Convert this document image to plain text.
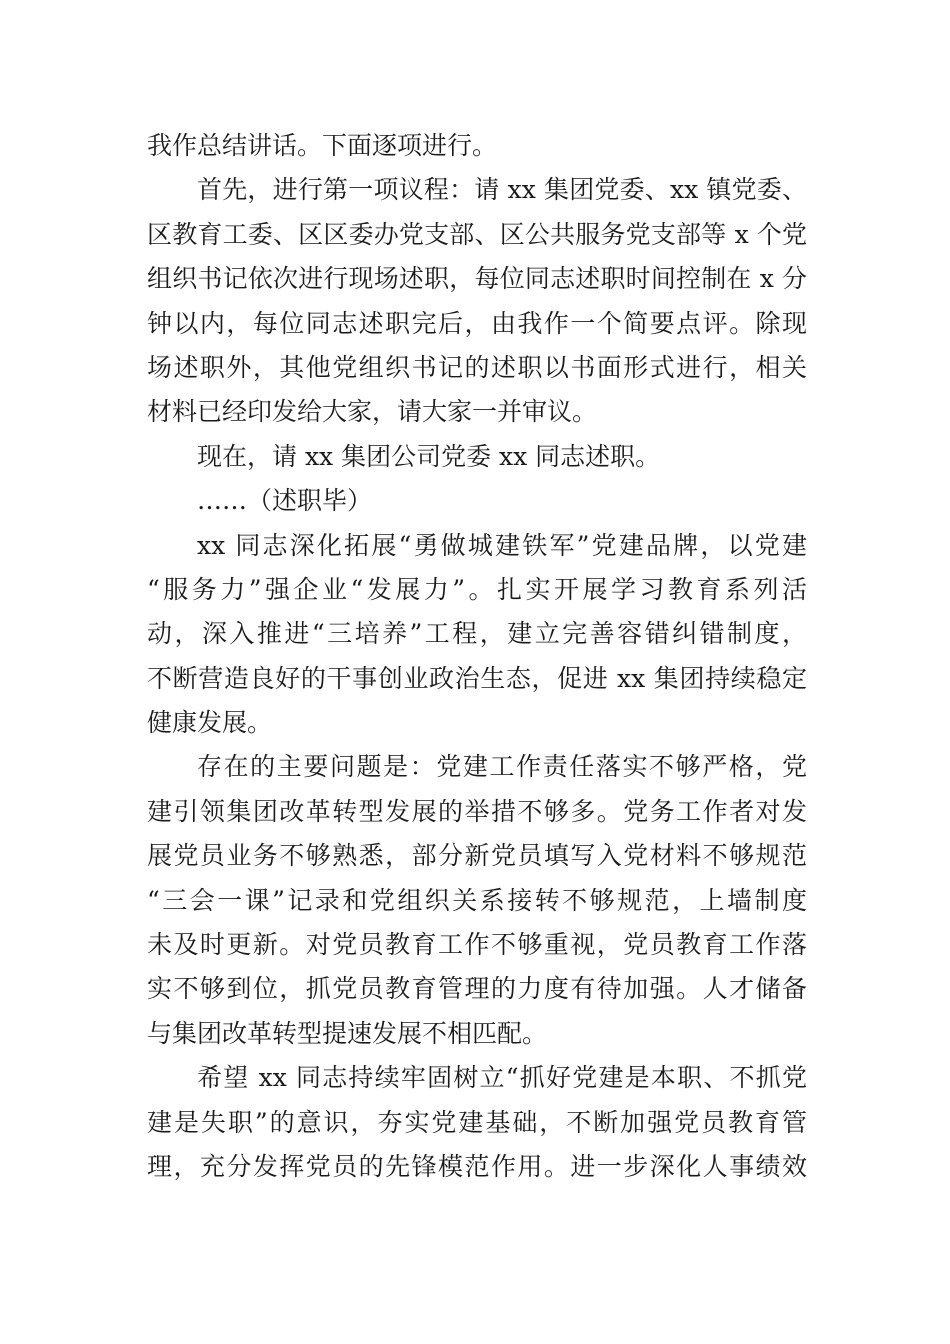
我作总结讲话。下面逐项进行。
首先，进行第一项议程：请 xx 集团党委、xx 镇党委、
区教育工委、区区委办党支部、区公共服务党支部等 x 个党
组织书记依次进行现场述职，每位同志述职时间控制在 x 分
钟以内，每位同志述职完后，由我作一个简要点评。除现
场述职外，其他党组织书记的述职以书面形式进行，相关
材料已经印发给大家，请大家一并审议。
现在，请 xx 集团公司党委 xx 同志述职。
……（述职毕）
xx 同志深化拓展“勇做城建铁军”党建品牌，以党建
“服务力”强企业“发展力”。扎实开展学习教育系列活
动，深入推进“三培养”工程，建立完善容错纠错制度，
不断营造良好的干事创业政治生态，促进 xx 集团持续稳定
健康发展。
存在的主要问题是：党建工作责任落实不够严格，党
建引领集团改革转型发展的举措不够多。党务工作者对发
展党员业务不够熟悉，部分新党员填写入党材料不够规范
“三会一课”记录和党组织关系接转不够规范，上墙制度
未及时更新。对党员教育工作不够重视，党员教育工作落
实不够到位，抓党员教育管理的力度有待加强。人才储备
与集团改革转型提速发展不相匹配。
希望 xx 同志持续牢固树立“抓好党建是本职、不抓党
建是失职”的意识，夯实党建基础，不断加强党员教育管
理，充分发挥党员的先锋模范作用。进一步深化人事绩效
